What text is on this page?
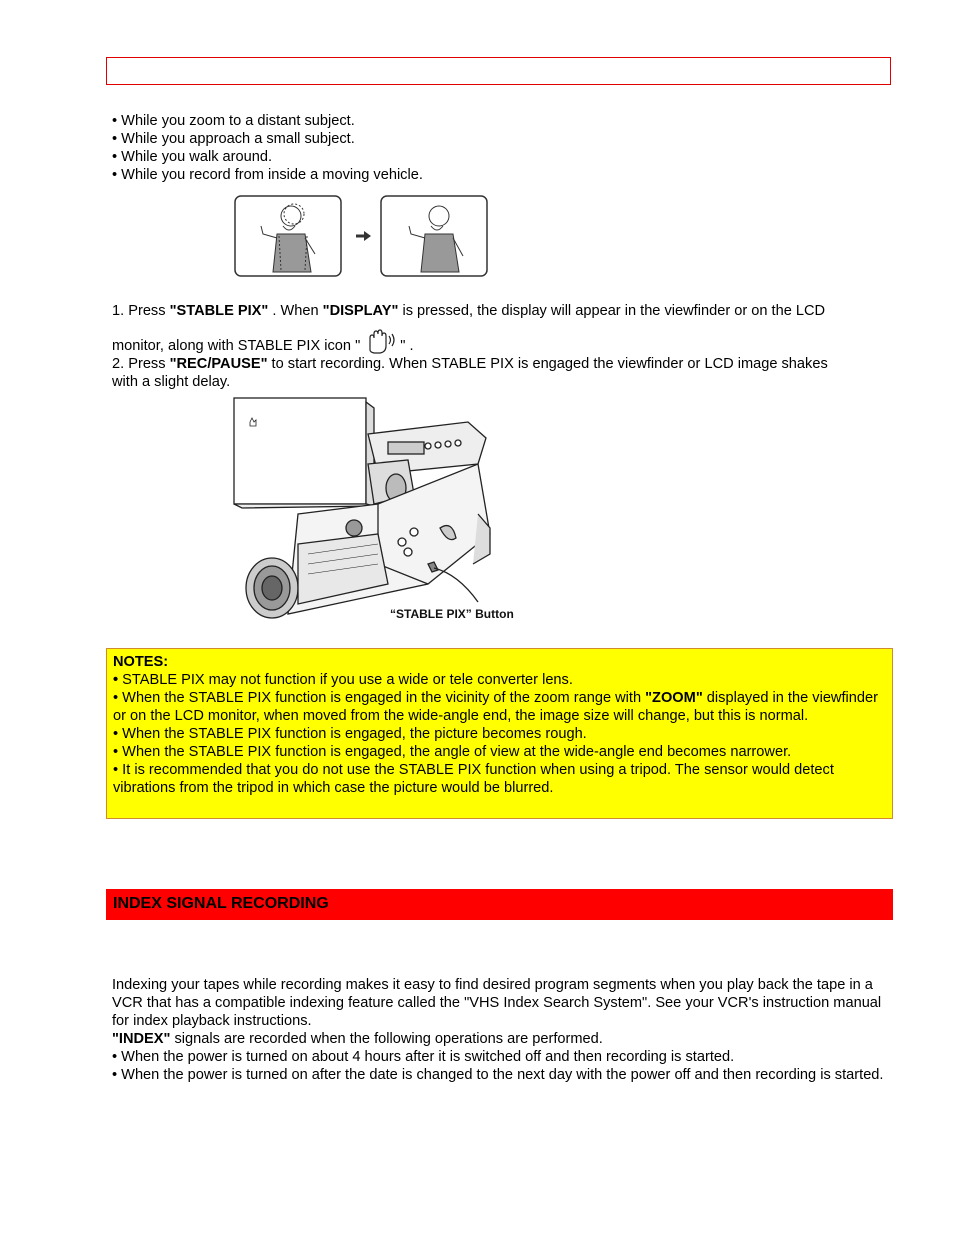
• While you zoom to a distant subject.
• While you approach a small subject.
• While you walk around.
• While you record from inside a moving vehicle.
1. Press "STABLE PIX" . When "DISPLAY" is pressed, the display will appear in the viewfinder or on the LCD
monitor, along with STABLE PIX icon "	" .
2. Press "REC/PAUSE" to start recording. When STABLE PIX is engaged the viewfinder or LCD image shakes
with a slight delay.
“STABLE PIX” Button
NOTES:
• STABLE PIX may not function if you use a wide or tele converter lens.
• When the STABLE PIX function is engaged in the vicinity of the zoom range with "ZOOM" displayed in the viewfinder or on the LCD monitor, when moved from the wide-angle end, the image size will change, but this is normal.
• When the STABLE PIX function is engaged, the picture becomes rough.
• When the STABLE PIX function is engaged, the angle of view at the wide-angle end becomes narrower.
• It is recommended that you do not use the STABLE PIX function when using a tripod. The sensor would detect vibrations from the tripod in which case the picture would be blurred.
INDEX SIGNAL RECORDING
Indexing your tapes while recording makes it easy to find desired program segments when you play back the tape in a VCR that has a compatible indexing feature called the "VHS Index Search System". See your VCR's instruction manual for index playback instructions.
"INDEX" signals are recorded when the following operations are performed.
• When the power is turned on about 4 hours after it is switched off and then recording is started.
• When the power is turned on after the date is changed to the next day with the power off and then recording is started.
